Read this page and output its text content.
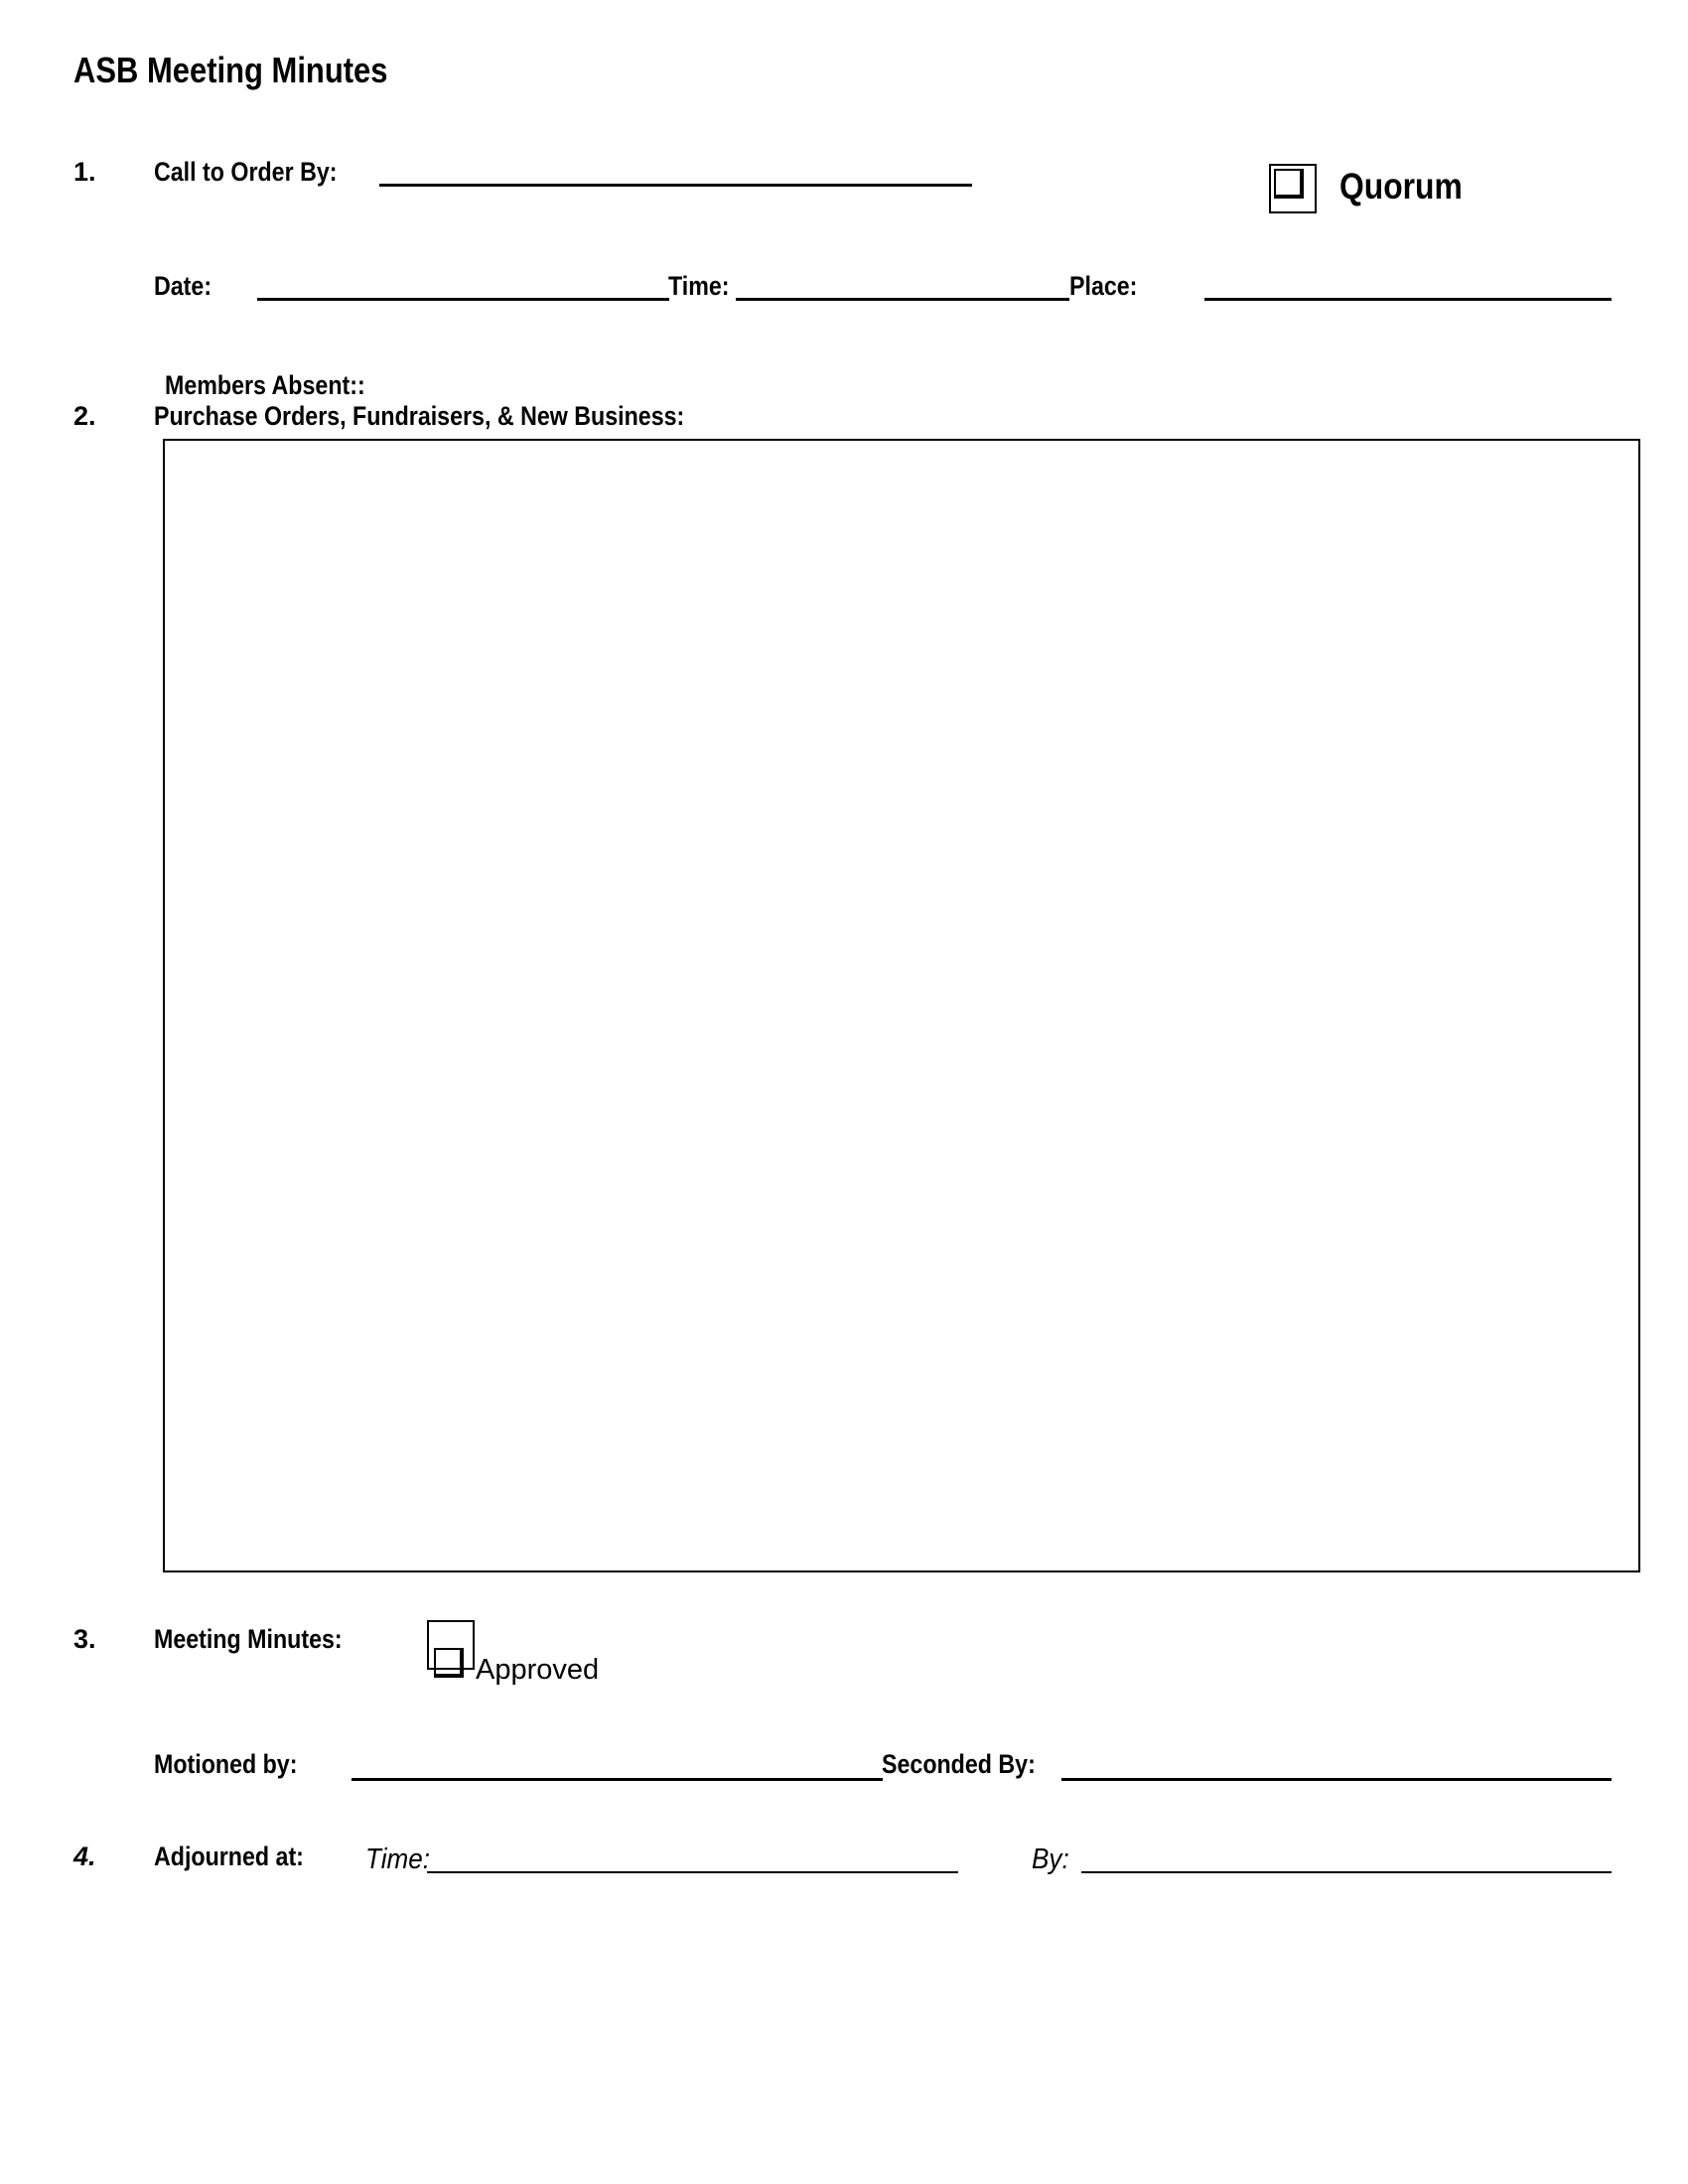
ASB Meeting Minutes
1. Call to Order By:	Quorum
Date:	Time:	Place:
Members Absent::
2. Purchase Orders, Fundraisers, & New Business:
3. Meeting Minutes:
Approved
Motioned by:	Seconded By:
4. Adjourned at: Time:	By:
